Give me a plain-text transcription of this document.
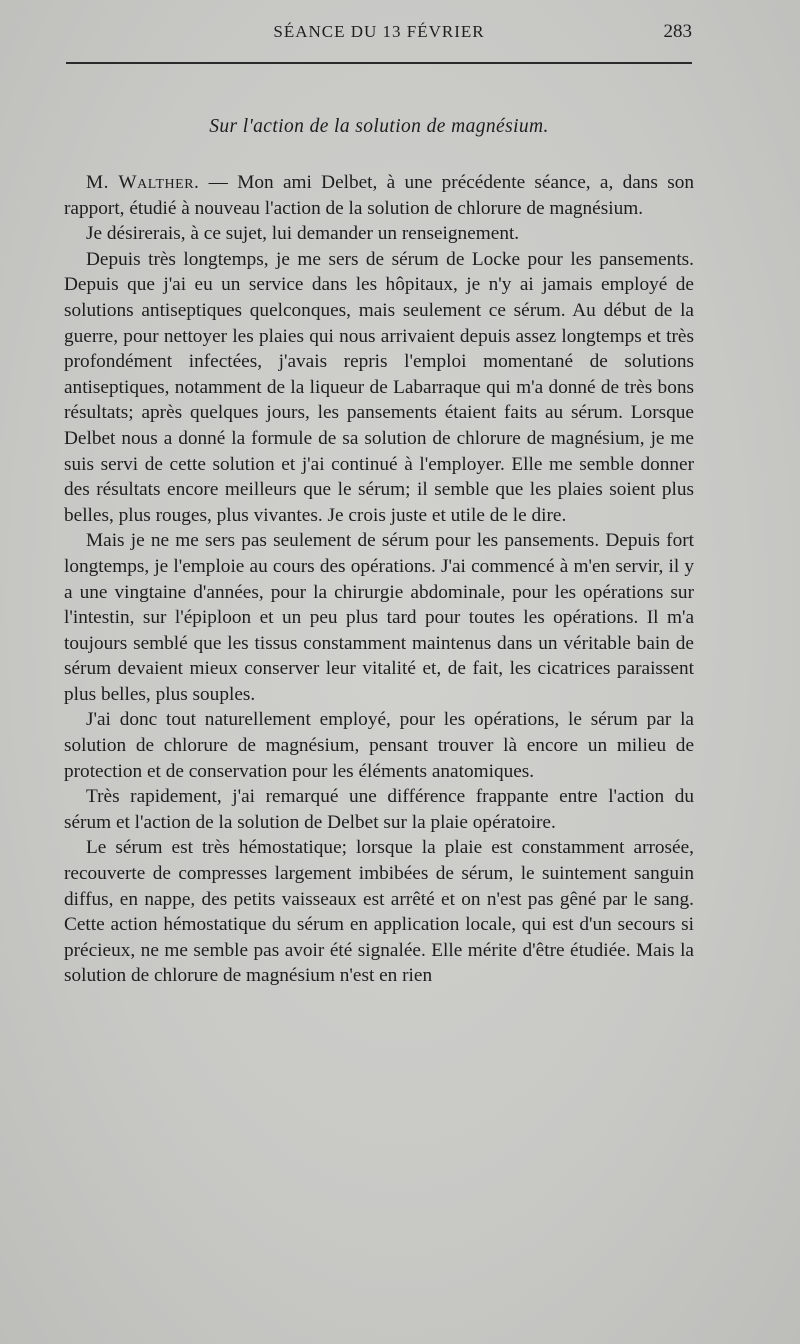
SÉANCE DU 13 FÉVRIER	283
Sur l'action de la solution de magnésium.

M. Walther. — Mon ami Delbet, à une précédente séance, a, dans son rapport, étudié à nouveau l'action de la solution de chlorure de magnésium.

Je désirerais, à ce sujet, lui demander un renseignement.

Depuis très longtemps, je me sers de sérum de Locke pour les pansements. Depuis que j'ai eu un service dans les hôpitaux, je n'y ai jamais employé de solutions antiseptiques quelconques, mais seulement ce sérum. Au début de la guerre, pour nettoyer les plaies qui nous arrivaient depuis assez longtemps et très profondément infectées, j'avais repris l'emploi momentané de solutions antiseptiques, notamment de la liqueur de Labarraque qui m'a donné de très bons résultats; après quelques jours, les pansements étaient faits au sérum. Lorsque Delbet nous a donné la formule de sa solution de chlorure de magnésium, je me suis servi de cette solution et j'ai continué à l'employer. Elle me semble donner des résultats encore meilleurs que le sérum; il semble que les plaies soient plus belles, plus rouges, plus vivantes. Je crois juste et utile de le dire.

Mais je ne me sers pas seulement de sérum pour les pansements. Depuis fort longtemps, je l'emploie au cours des opérations. J'ai commencé à m'en servir, il y a une vingtaine d'années, pour la chirurgie abdominale, pour les opérations sur l'intestin, sur l'épiploon et un peu plus tard pour toutes les opérations. Il m'a toujours semblé que les tissus constamment maintenus dans un véritable bain de sérum devaient mieux conserver leur vitalité et, de fait, les cicatrices paraissent plus belles, plus souples.

J'ai donc tout naturellement employé, pour les opérations, le sérum par la solution de chlorure de magnésium, pensant trouver là encore un milieu de protection et de conservation pour les éléments anatomiques.

Très rapidement, j'ai remarqué une différence frappante entre l'action du sérum et l'action de la solution de Delbet sur la plaie opératoire.

Le sérum est très hémostatique; lorsque la plaie est constamment arrosée, recouverte de compresses largement imbibées de sérum, le suintement sanguin diffus, en nappe, des petits vaisseaux est arrêté et on n'est pas gêné par le sang. Cette action hémostatique du sérum en application locale, qui est d'un secours si précieux, ne me semble pas avoir été signalée. Elle mérite d'être étudiée. Mais la solution de chlorure de magnésium n'est en rien
